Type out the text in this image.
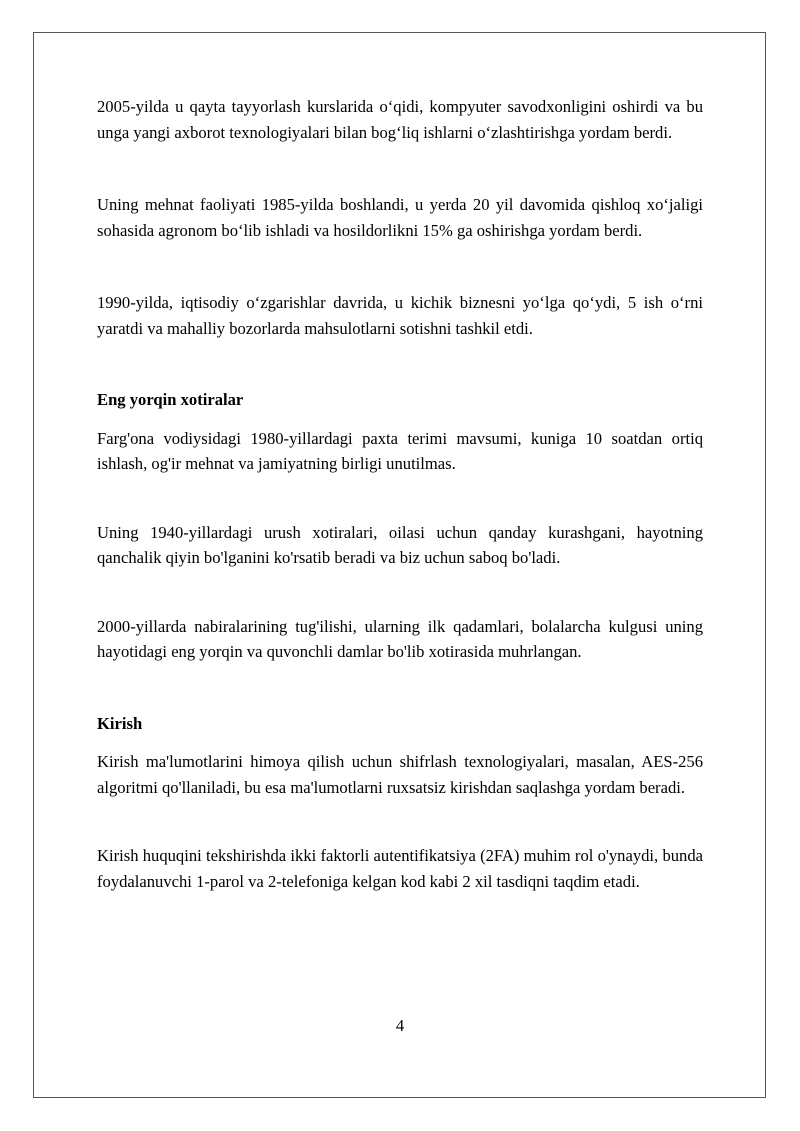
2005-yilda u qayta tayyorlash kurslarida o‘qidi, kompyuter savodxonligini oshirdi va bu unga yangi axborot texnologiyalari bilan bog‘liq ishlarni o‘zlashtirishga yordam berdi.

Uning mehnat faoliyati 1985-yilda boshlandi, u yerda 20 yil davomida qishloq xo‘jaligi sohasida agronom bo‘lib ishladi va hosildorlikni 15% ga oshirishga yordam berdi.

1990-yilda, iqtisodiy o‘zgarishlar davrida, u kichik biznesni yo‘lga qo‘ydi, 5 ish o‘rni yaratdi va mahalliy bozorlarda mahsulotlarni sotishni tashkil etdi.

Eng yorqin xotiralar

Farg'ona vodiysidagi 1980-yillardagi paxta terimi mavsumi, kuniga 10 soatdan ortiq ishlash, og'ir mehnat va jamiyatning birligi unutilmas.

Uning 1940-yillardagi urush xotiralari, oilasi uchun qanday kurashgani, hayotning qanchalik qiyin bo'lganini ko'rsatib beradi va biz uchun saboq bo'ladi.

2000-yillarda nabiralarining tug'ilishi, ularning ilk qadamlari, bolalarcha kulgusi uning hayotidagi eng yorqin va quvonchli damlar bo'lib xotirasida muhrlangan.

Kirish

Kirish ma'lumotlarini himoya qilish uchun shifrlash texnologiyalari, masalan, AES-256 algoritmi qo'llaniladi, bu esa ma'lumotlarni ruxsatsiz kirishdan saqlashga yordam beradi.

Kirish huquqini tekshirishda ikki faktorli autentifikatsiya (2FA) muhim rol o'ynaydi, bunda foydalanuvchi 1-parol va 2-telefoniga kelgan kod kabi 2 xil tasdiqni taqdim etadi.

4
